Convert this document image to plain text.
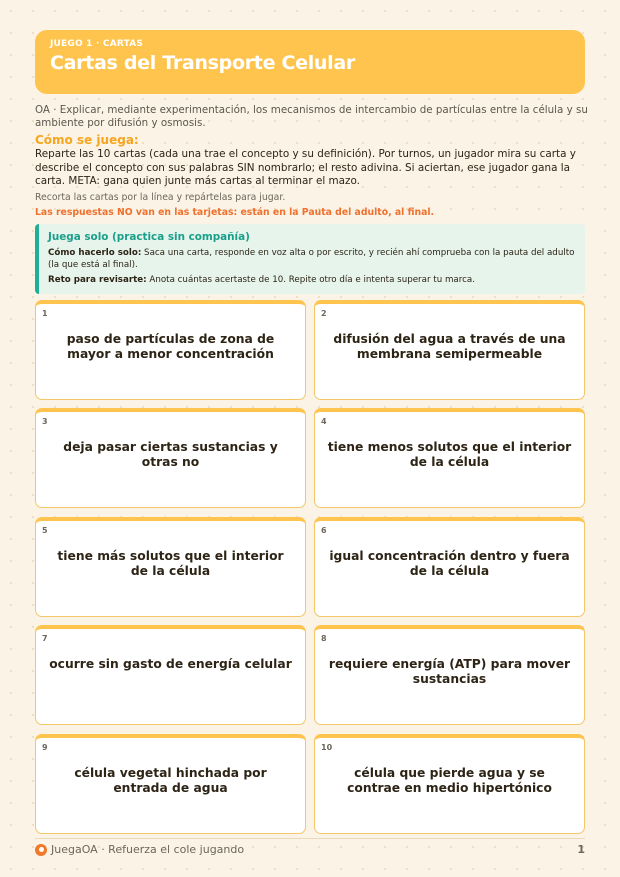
JUEGO 1 · CARTAS
Cartas del Transporte Celular
OA · Explicar, mediante experimentación, los mecanismos de intercambio de partículas entre la célula y su ambiente por difusión y osmosis.
Cómo se juega:
Reparte las 10 cartas (cada una trae el concepto y su definición). Por turnos, un jugador mira su carta y describe el concepto con sus palabras SIN nombrarlo; el resto adivina. Si aciertan, ese jugador gana la carta. META: gana quien junte más cartas al terminar el mazo.
Recorta las cartas por la línea y repártelas para jugar.
Las respuestas NO van en las tarjetas: están en la Pauta del adulto, al final.
Juega solo (practica sin compañía)

Cómo hacerlo solo: Saca una carta, responde en voz alta o por escrito, y recién ahí comprueba con la pauta del adulto (la que está al final).

Reto para revisarte: Anota cuántas acertaste de 10. Repite otro día e intenta superar tu marca.

1
paso de partículas de zona de mayor a menor concentración
2
difusión del agua a través de una membrana semipermeable
3
deja pasar ciertas sustancias y otras no
4
tiene menos solutos que el interior de la célula
5
tiene más solutos que el interior de la célula
6
igual concentración dentro y fuera de la célula
7
ocurre sin gasto de energía celular
8
requiere energía (ATP) para mover sustancias
9
célula vegetal hinchada por entrada de agua
10
célula que pierde agua y se contrae en medio hipertónico
JuegaOA · Refuerza el cole jugando	1
